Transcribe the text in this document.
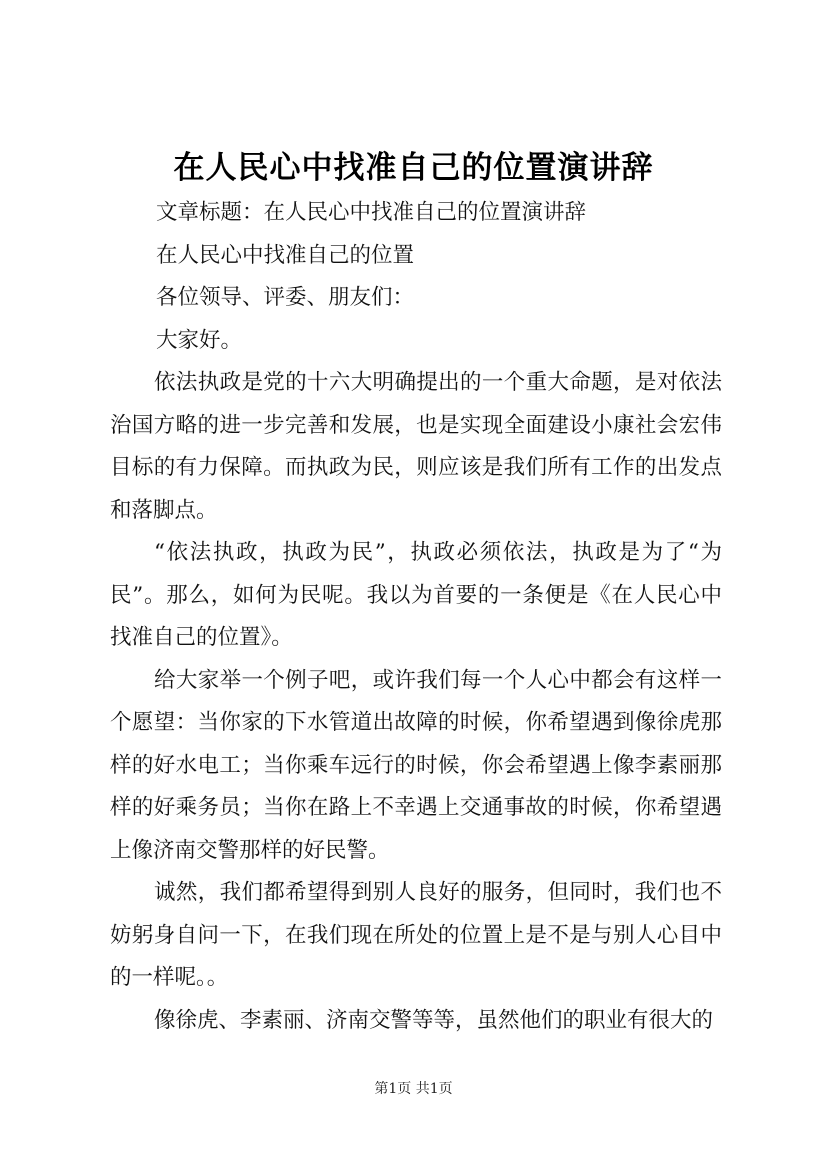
在人民心中找准自己的位置演讲辞

文章标题：在人民心中找准自己的位置演讲辞

在人民心中找准自己的位置

各位领导、评委、朋友们：

大家好。

依法执政是党的十六大明确提出的一个重大命题，是对依法治国方略的进一步完善和发展，也是实现全面建设小康社会宏伟目标的有力保障。而执政为民，则应该是我们所有工作的出发点和落脚点。

“依法执政，执政为民”，执政必须依法，执政是为了“为民”。那么，如何为民呢。我以为首要的一条便是《在人民心中找准自己的位置》。

给大家举一个例子吧，或许我们每一个人心中都会有这样一个愿望：当你家的下水管道出故障的时候，你希望遇到像徐虎那样的好水电工；当你乘车远行的时候，你会希望遇上像李素丽那样的好乘务员；当你在路上不幸遇上交通事故的时候，你希望遇上像济南交警那样的好民警。

诚然，我们都希望得到别人良好的服务，但同时，我们也不妨躬身自问一下，在我们现在所处的位置上是不是与别人心目中的一样呢。。

像徐虎、李素丽、济南交警等等，虽然他们的职业有很大的

第1页 共1页
